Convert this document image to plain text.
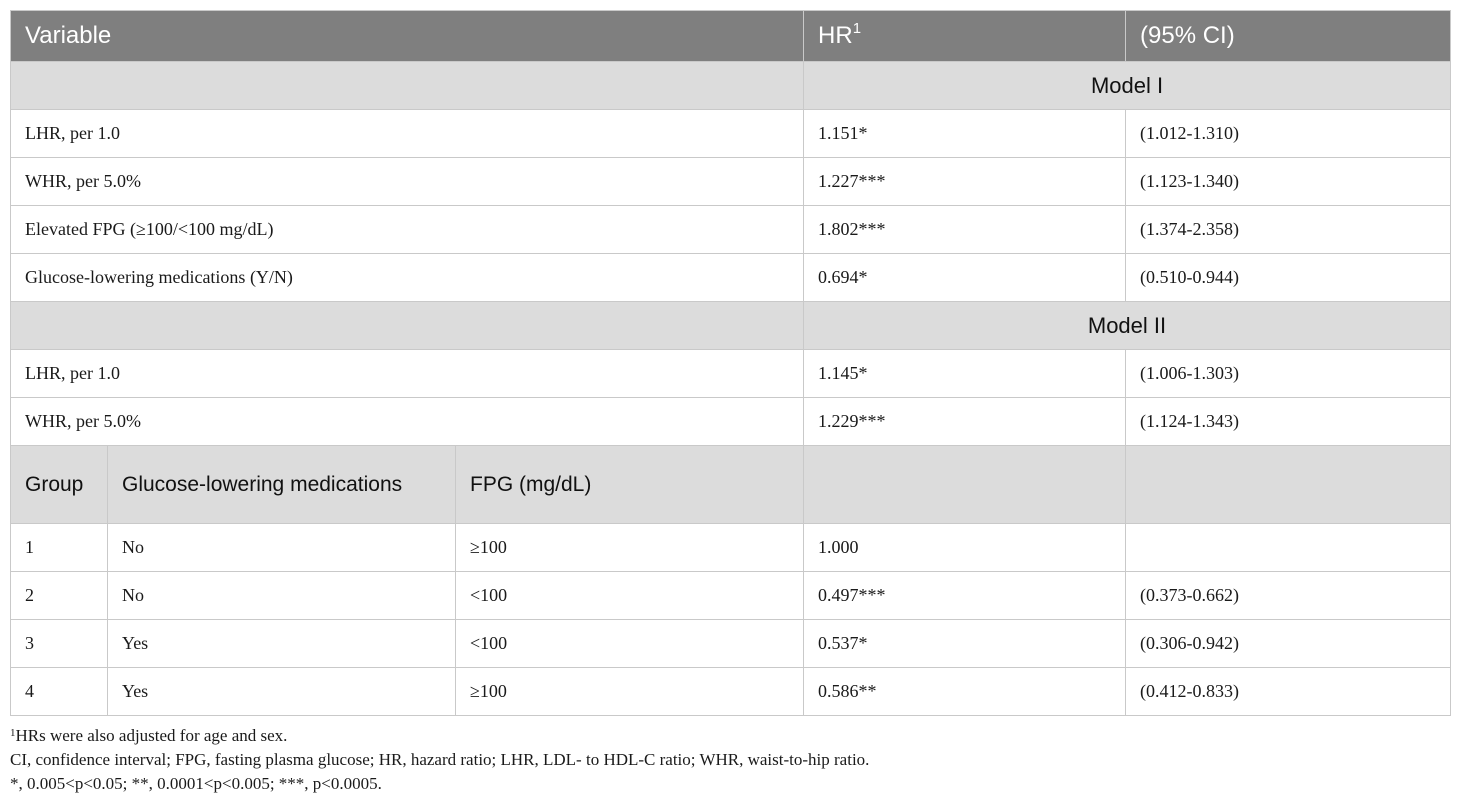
Variable			$HR^1$	(95% CI)
			Model I	
LHR, per 1.0			1.151*	(1.012-1.310)
WHR, per 5.0%			1.227***	(1.123-1.340)
Elevated FPG (≥100/<100 mg/dL)			1.802***	(1.374-2.358)
Glucose-lowering medications (Y/N)			0.694*	(0.510-0.944)
			Model II	
LHR, per 1.0			1.145*	(1.006-1.303)
WHR, per 5.0%			1.229***	(1.124-1.343)
Group	Glucose-lowering medications	FPG (mg/dL)		
1	No	≥100	1.000	
2	No	<100	0.497***	(0.373-0.662)
3	Yes	<100	0.537*	(0.306-0.942)
4	Yes	≥100	0.586**	(0.412-0.833)
$^1$HRs were also adjusted for age and sex.
CI, confidence interval; FPG, fasting plasma glucose; HR, hazard ratio; LHR, LDL- to HDL-C ratio; WHR, waist-to-hip ratio.
*, 0.005<p<0.05; **, 0.0001<p<0.005; ***, p<0.0005.
